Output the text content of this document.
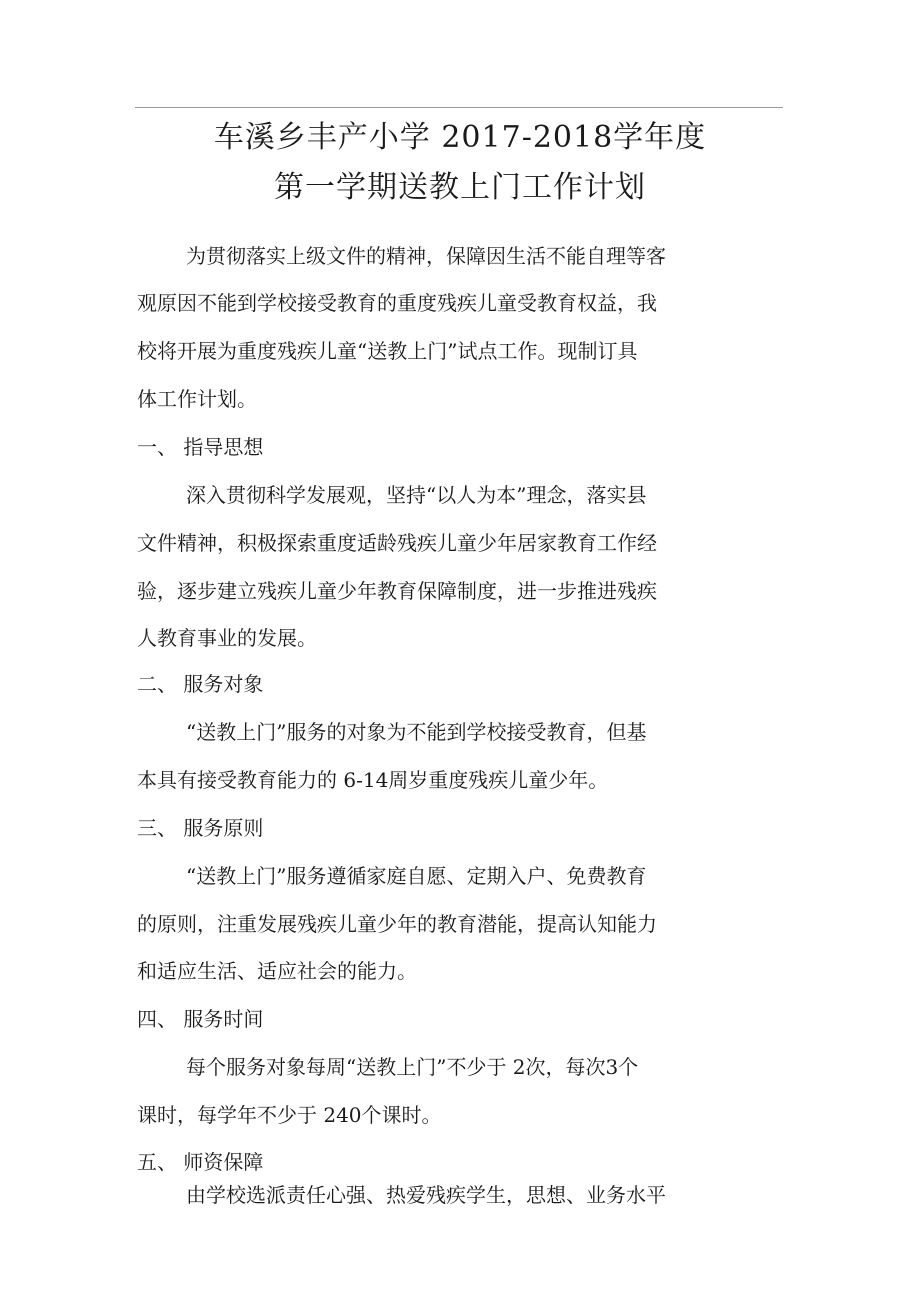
车溪乡丰产小学 2017-2018学年度
第一学期送教上门工作计划

为贯彻落实上级文件的精神，保障因生活不能自理等客

观原因不能到学校接受教育的重度残疾儿童受教育权益，我

校将开展为重度残疾儿童“送教上门”试点工作。现制订具

体工作计划。

一、 指导思想

深入贯彻科学发展观，坚持“以人为本”理念，落实县

文件精神，积极探索重度适龄残疾儿童少年居家教育工作经

验，逐步建立残疾儿童少年教育保障制度，进一步推进残疾

人教育事业的发展。

二、 服务对象

“送教上门”服务的对象为不能到学校接受教育，但基

本具有接受教育能力的 6-14周岁重度残疾儿童少年。

三、 服务原则

“送教上门”服务遵循家庭自愿、定期入户、免费教育

的原则，注重发展残疾儿童少年的教育潜能，提高认知能力

和适应生活、适应社会的能力。

四、 服务时间

每个服务对象每周“送教上门”不少于 2次，每次3个

课时，每学年不少于 240个课时。

五、 师资保障

由学校选派责任心强、热爱残疾学生，思想、业务水平
